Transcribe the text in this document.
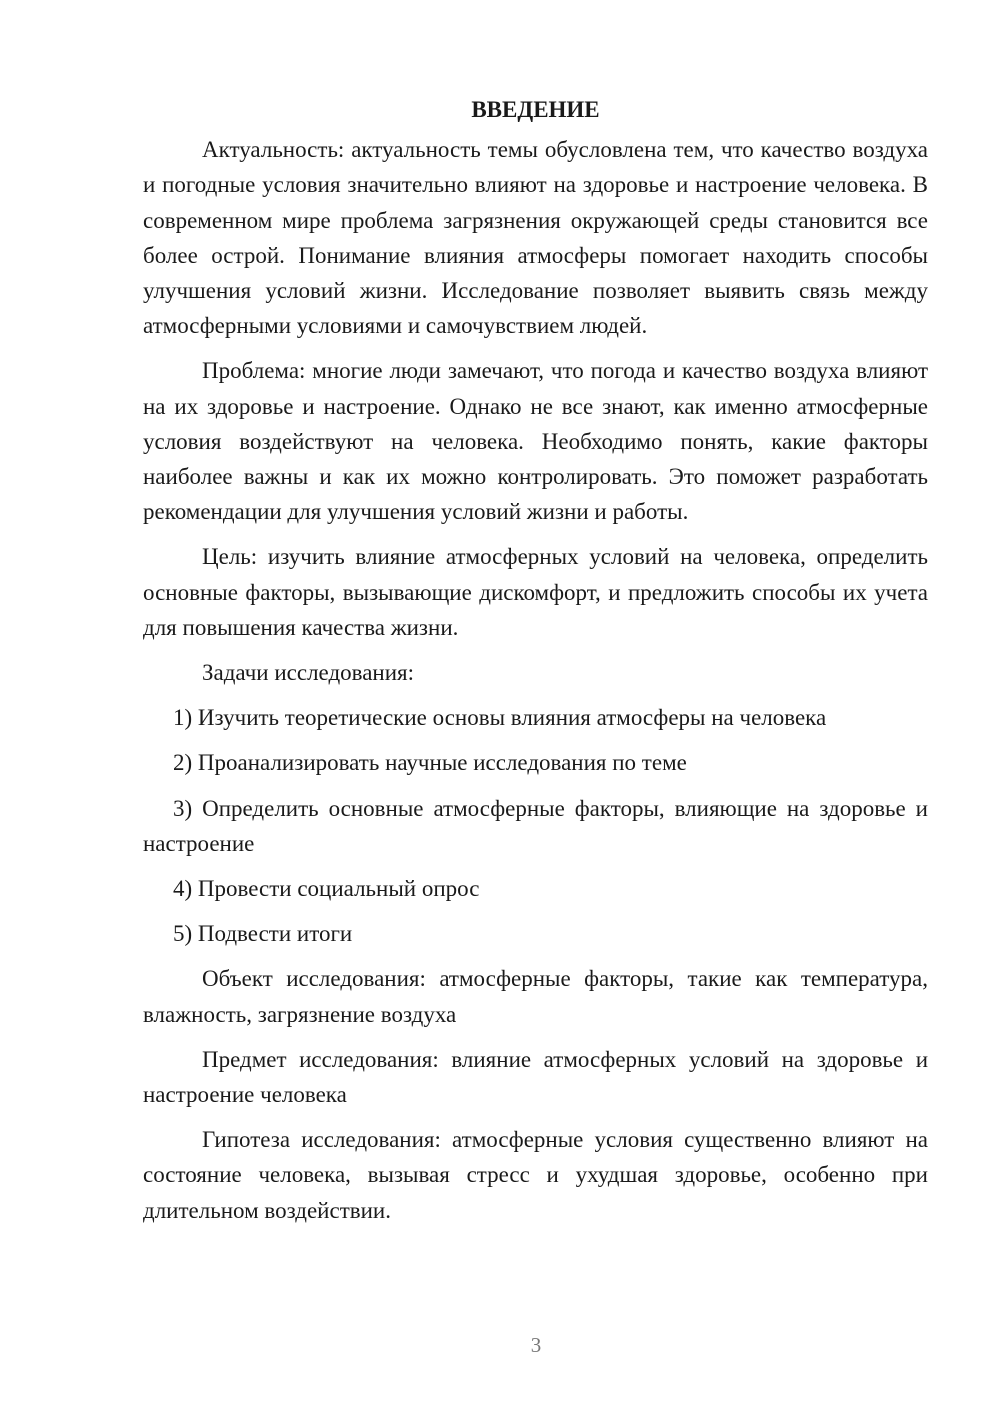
ВВЕДЕНИЕ

Актуальность: актуальность темы обусловлена тем, что качество воздуха и погодные условия значительно влияют на здоровье и настроение человека. В современном мире проблема загрязнения окружающей среды становится все более острой. Понимание влияния атмосферы помогает находить способы улучшения условий жизни. Исследование позволяет выявить связь между атмосферными условиями и самочувствием людей.

Проблема: многие люди замечают, что погода и качество воздуха влияют на их здоровье и настроение. Однако не все знают, как именно атмосферные условия воздействуют на человека. Необходимо понять, какие факторы наиболее важны и как их можно контролировать. Это поможет разработать рекомендации для улучшения условий жизни и работы.

Цель: изучить влияние атмосферных условий на человека, определить основные факторы, вызывающие дискомфорт, и предложить способы их учета для повышения качества жизни.

Задачи исследования:

1) Изучить теоретические основы влияния атмосферы на человека

2) Проанализировать научные исследования по теме

3) Определить основные атмосферные факторы, влияющие на здоровье и настроение

4) Провести социальный опрос

5) Подвести итоги

Объект исследования: атмосферные факторы, такие как температура, влажность, загрязнение воздуха

Предмет исследования: влияние атмосферных условий на здоровье и настроение человека

Гипотеза исследования: атмосферные условия существенно влияют на состояние человека, вызывая стресс и ухудшая здоровье, особенно при длительном воздействии.

3
